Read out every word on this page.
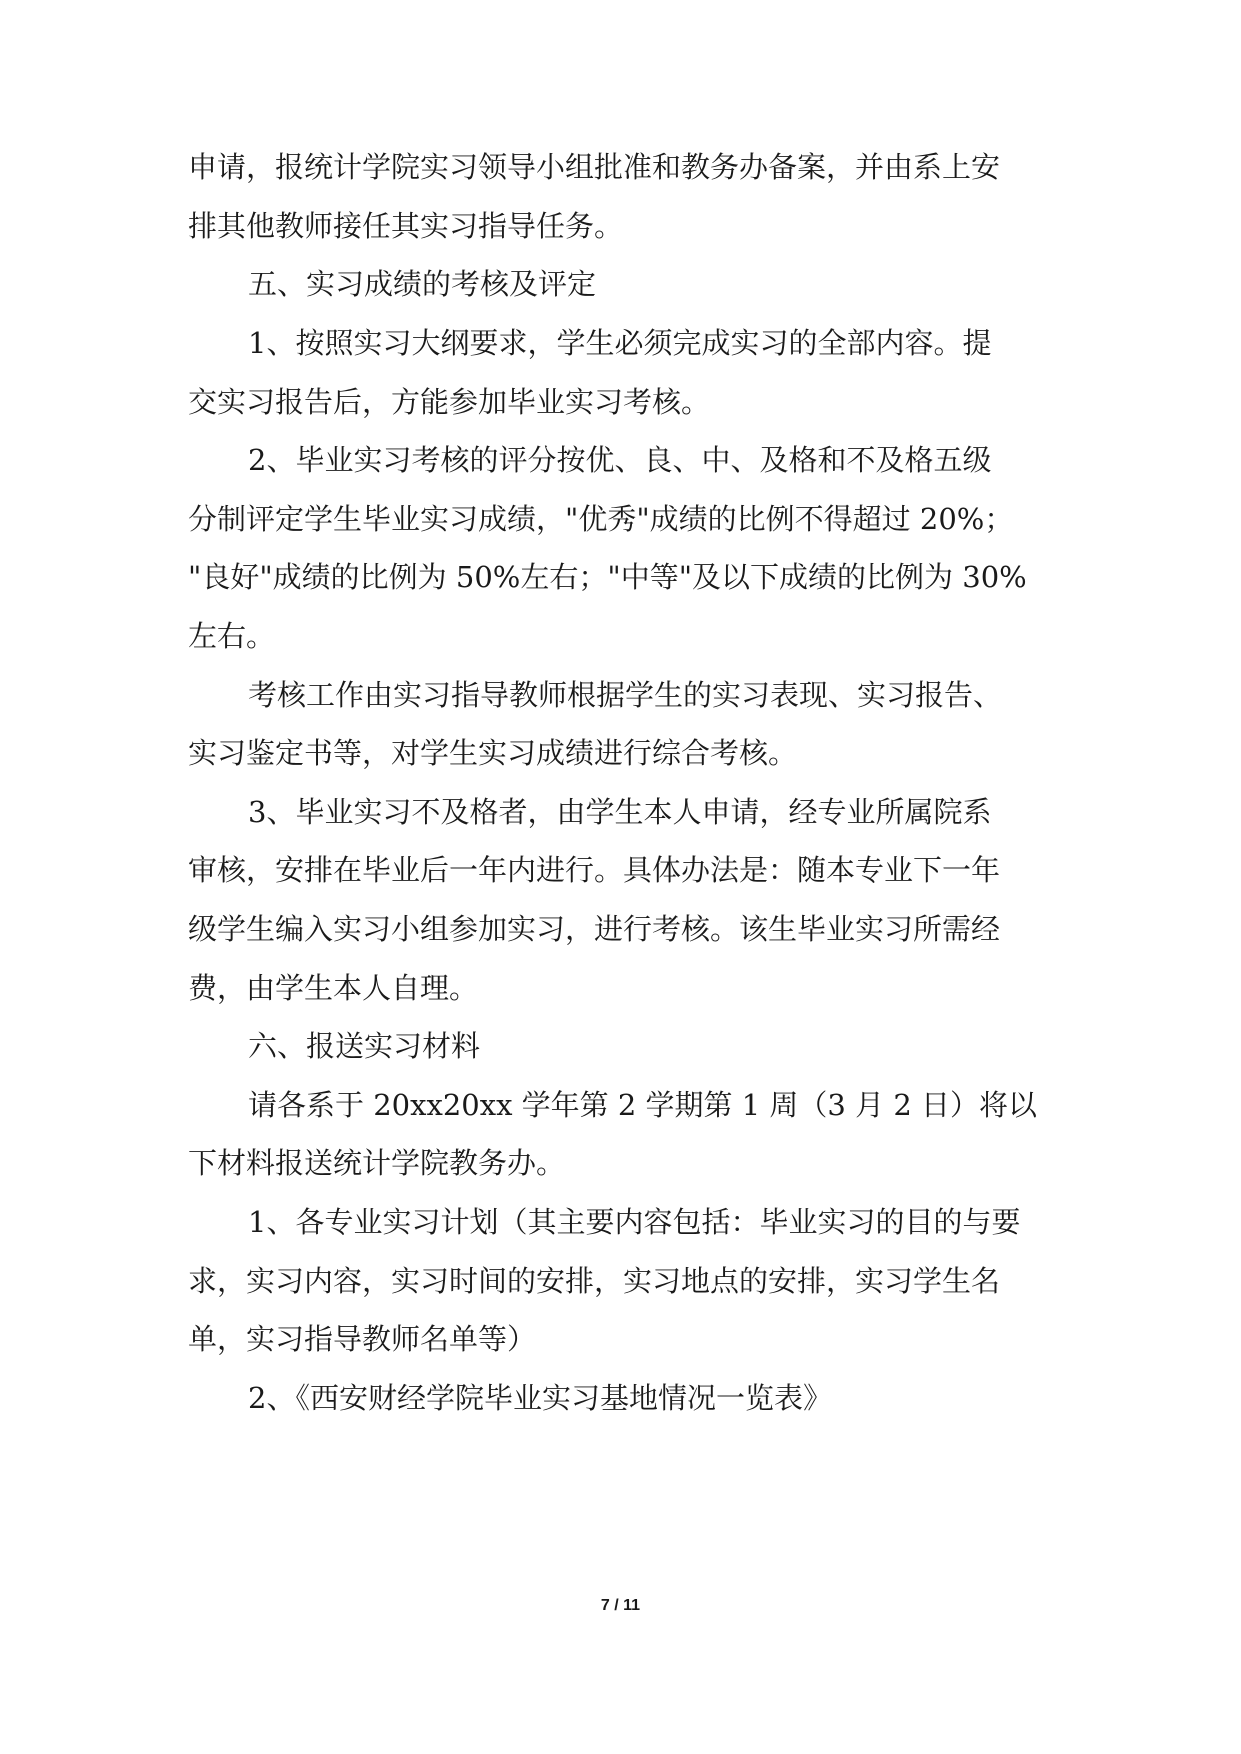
申请，报统计学院实习领导小组批准和教务办备案，并由系上安
排其他教师接任其实习指导任务。
五、实习成绩的考核及评定
1、按照实习大纲要求，学生必须完成实习的全部内容。提
交实习报告后，方能参加毕业实习考核。
2、毕业实习考核的评分按优、良、中、及格和不及格五级
分制评定学生毕业实习成绩，"优秀"成绩的比例不得超过 20%；
"良好"成绩的比例为 50%左右；"中等"及以下成绩的比例为 30%
左右。
考核工作由实习指导教师根据学生的实习表现、实习报告、
实习鉴定书等，对学生实习成绩进行综合考核。
3、毕业实习不及格者，由学生本人申请，经专业所属院系
审核，安排在毕业后一年内进行。具体办法是：随本专业下一年
级学生编入实习小组参加实习，进行考核。该生毕业实习所需经
费，由学生本人自理。
六、报送实习材料
请各系于 20xx20xx 学年第 2 学期第 1 周（3 月 2 日）将以
下材料报送统计学院教务办。
1、各专业实习计划（其主要内容包括：毕业实习的目的与要
求，实习内容，实习时间的安排，实习地点的安排，实习学生名
单，实习指导教师名单等）
2、《西安财经学院毕业实习基地情况一览表》
7 / 11
